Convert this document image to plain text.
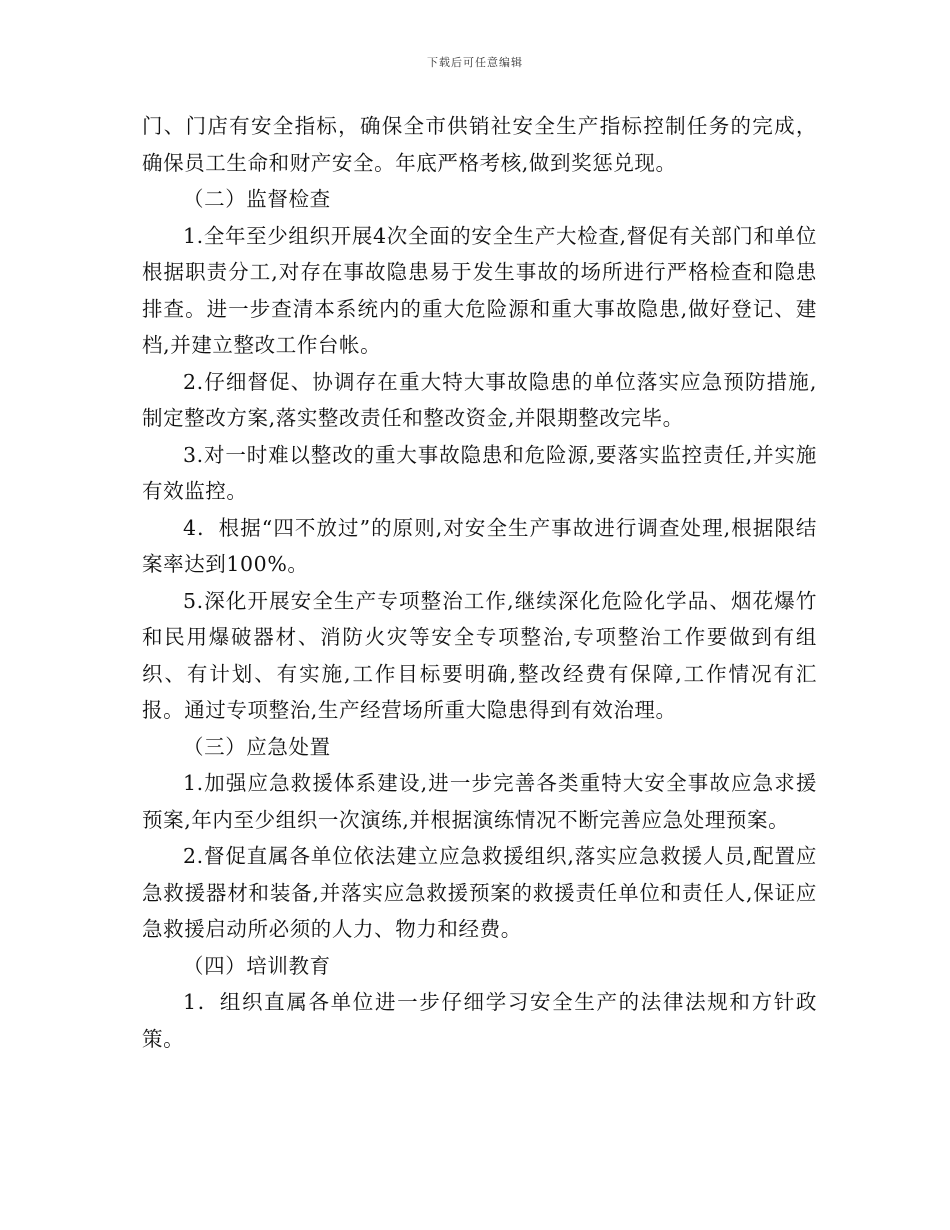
下载后可任意编辑

门、门店有安全指标，确保全市供销社安全生产指标控制任务的完成，确保员工生命和财产安全。年底严格考核,做到奖惩兑现。

（二）监督检查

1.全年至少组织开展4次全面的安全生产大检查,督促有关部门和单位根据职责分工,对存在事故隐患易于发生事故的场所进行严格检查和隐患排查。进一步查清本系统内的重大危险源和重大事故隐患,做好登记、建档,并建立整改工作台帐。

2.仔细督促、协调存在重大特大事故隐患的单位落实应急预防措施,制定整改方案,落实整改责任和整改资金,并限期整改完毕。

3.对一时难以整改的重大事故隐患和危险源,要落实监控责任,并实施有效监控。

4．根据“四不放过”的原则,对安全生产事故进行调查处理,根据限结案率达到100%。

5.深化开展安全生产专项整治工作,继续深化危险化学品、烟花爆竹和民用爆破器材、消防火灾等安全专项整治,专项整治工作要做到有组织、有计划、有实施,工作目标要明确,整改经费有保障,工作情况有汇报。通过专项整治,生产经营场所重大隐患得到有效治理。

（三）应急处置

1.加强应急救援体系建设,进一步完善各类重特大安全事故应急求援预案,年内至少组织一次演练,并根据演练情况不断完善应急处理预案。

2.督促直属各单位依法建立应急救援组织,落实应急救援人员,配置应急救援器材和装备,并落实应急救援预案的救援责任单位和责任人,保证应急救援启动所必须的人力、物力和经费。

（四）培训教育

1．组织直属各单位进一步仔细学习安全生产的法律法规和方针政策。
